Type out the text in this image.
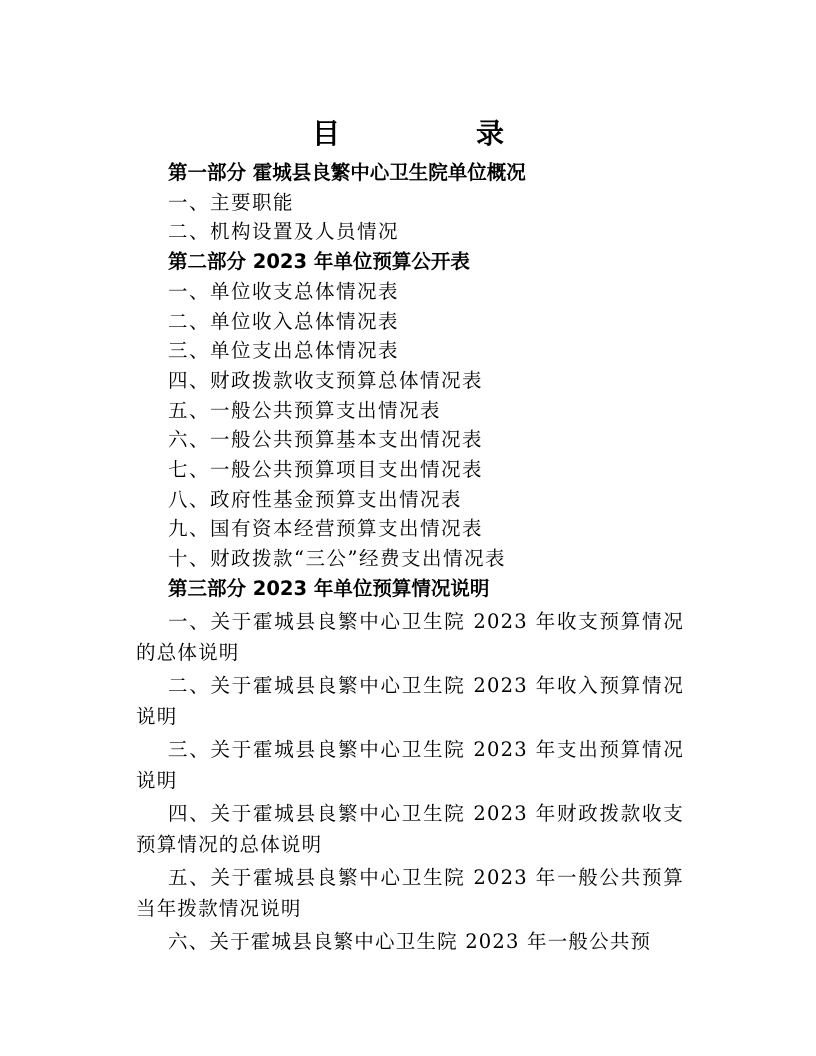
目　录
第一部分 霍城县良繁中心卫生院单位概况
一、主要职能
二、机构设置及人员情况
第二部分 2023 年单位预算公开表
一、单位收支总体情况表
二、单位收入总体情况表
三、单位支出总体情况表
四、财政拨款收支预算总体情况表
五、一般公共预算支出情况表
六、一般公共预算基本支出情况表
七、一般公共预算项目支出情况表
八、政府性基金预算支出情况表
九、国有资本经营预算支出情况表
十、财政拨款“三公”经费支出情况表
第三部分 2023 年单位预算情况说明
一、关于霍城县良繁中心卫生院 2023 年收支预算情况的总体说明
二、关于霍城县良繁中心卫生院 2023 年收入预算情况说明
三、关于霍城县良繁中心卫生院 2023 年支出预算情况说明
四、关于霍城县良繁中心卫生院 2023 年财政拨款收支预算情况的总体说明
五、关于霍城县良繁中心卫生院 2023 年一般公共预算当年拨款情况说明
六、关于霍城县良繁中心卫生院 2023 年一般公共预
